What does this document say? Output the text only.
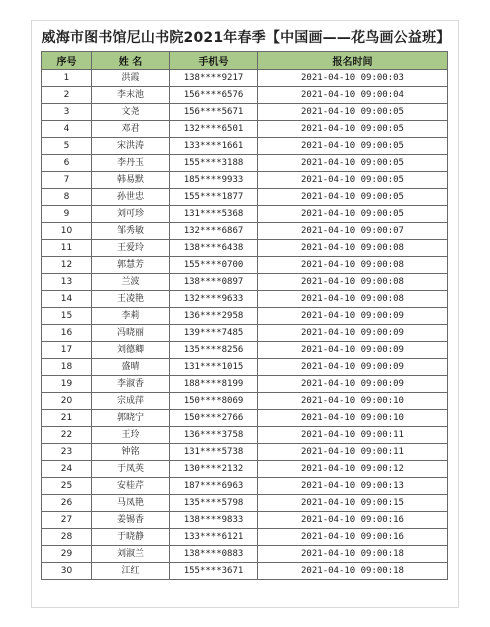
威海市图书馆尼山书院2021年春季【中国画——花鸟画公益班】
序号	姓 名	手机号	报名时间
1	洪霞	138****9217	2021-04-10 09:00:03
2	李末池	156****6576	2021-04-10 09:00:04
3	文尧	156****5671	2021-04-10 09:00:05
4	邓君	132****6501	2021-04-10 09:00:05
5	宋洪涛	133****1661	2021-04-10 09:00:05
6	李丹玉	155****3188	2021-04-10 09:00:05
7	韩易默	185****9933	2021-04-10 09:00:05
8	孙世忠	155****1877	2021-04-10 09:00:05
9	刘可珍	131****5368	2021-04-10 09:00:05
10	邹秀敏	132****6867	2021-04-10 09:00:07
11	王爱玲	138****6438	2021-04-10 09:00:08
12	郭慧芳	155****0700	2021-04-10 09:00:08
13	兰波	138****0897	2021-04-10 09:00:08
14	王凌艳	132****9633	2021-04-10 09:00:08
15	李莉	136****2958	2021-04-10 09:00:09
16	冯晓丽	139****7485	2021-04-10 09:00:09
17	刘德卿	135****8256	2021-04-10 09:00:09
18	盛晴	131****1015	2021-04-10 09:00:09
19	李淑香	188****8199	2021-04-10 09:00:09
20	宗成萍	150****8069	2021-04-10 09:00:10
21	郭晓宁	150****2766	2021-04-10 09:00:10
22	王玲	136****3758	2021-04-10 09:00:11
23	钟铭	131****5738	2021-04-10 09:00:11
24	于凤英	130****2132	2021-04-10 09:00:12
25	安桂芹	187****6963	2021-04-10 09:00:13
26	马凤艳	135****5798	2021-04-10 09:00:15
27	姜锡香	138****9833	2021-04-10 09:00:16
28	于晓静	133****6121	2021-04-10 09:00:16
29	刘淑兰	138****0883	2021-04-10 09:00:18
30	江红	155****3671	2021-04-10 09:00:18
